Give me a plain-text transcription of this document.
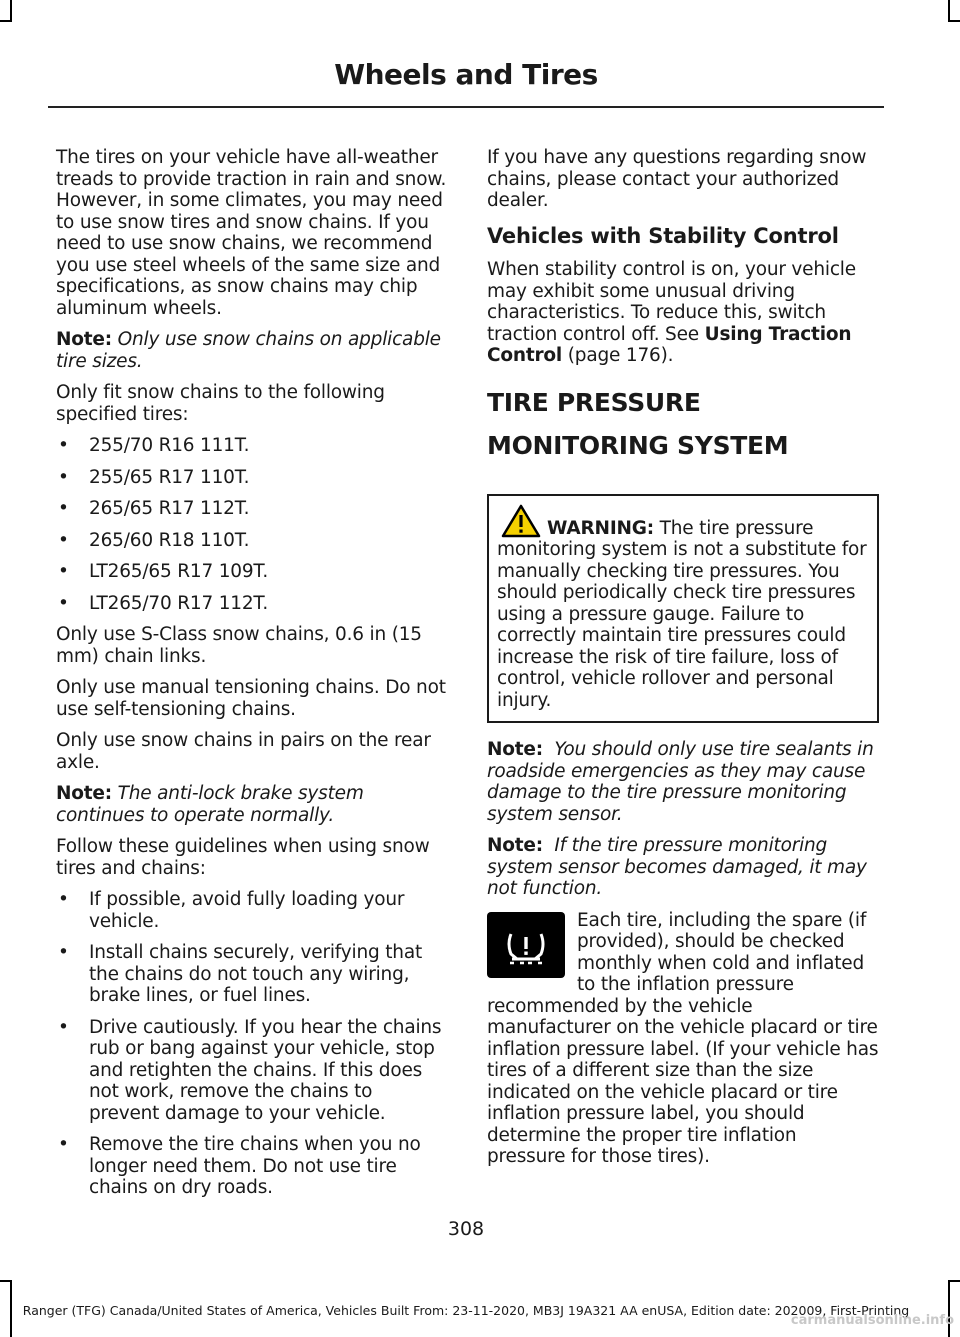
Wheels and Tires

The tires on your vehicle have all-weather treads to provide traction in rain and snow. However, in some climates, you may need to use snow tires and snow chains. If you need to use snow chains, we recommend you use steel wheels of the same size and specifications, as snow chains may chip aluminum wheels.

Note: Only use snow chains on applicable tire sizes.

Only fit snow chains to the following specified tires:

• 255/70 R16 111T.
• 255/65 R17 110T.
• 265/65 R17 112T.
• 265/60 R18 110T.
• LT265/65 R17 109T.
• LT265/70 R17 112T.

Only use S-Class snow chains, 0.6 in (15 mm) chain links.

Only use manual tensioning chains. Do not use self-tensioning chains.

Only use snow chains in pairs on the rear axle.

Note: The anti-lock brake system continues to operate normally.

Follow these guidelines when using snow tires and chains:

• If possible, avoid fully loading your vehicle.
• Install chains securely, verifying that the chains do not touch any wiring, brake lines, or fuel lines.
• Drive cautiously. If you hear the chains rub or bang against your vehicle, stop and retighten the chains. If this does not work, remove the chains to prevent damage to your vehicle.
• Remove the tire chains when you no longer need them. Do not use tire chains on dry roads.

If you have any questions regarding snow chains, please contact your authorized dealer.

Vehicles with Stability Control

When stability control is on, your vehicle may exhibit some unusual driving characteristics. To reduce this, switch traction control off. See Using Traction Control (page 176).

TIRE PRESSURE MONITORING SYSTEM
WARNING: The tire pressure monitoring system is not a substitute for manually checking tire pressures. You should periodically check tire pressures using a pressure gauge. Failure to correctly maintain tire pressures could increase the risk of tire failure, loss of control, vehicle rollover and personal injury.

Note: You should only use tire sealants in roadside emergencies as they may cause damage to the tire pressure monitoring system sensor.

Note: If the tire pressure monitoring system sensor becomes damaged, it may not function.

Each tire, including the spare (if provided), should be checked monthly when cold and inflated to the inflation pressure recommended by the vehicle manufacturer on the vehicle placard or tire inflation pressure label. (If your vehicle has tires of a different size than the size indicated on the vehicle placard or tire inflation pressure label, you should determine the proper tire inflation pressure for those tires).
308
Ranger (TFG) Canada/United States of America, Vehicles Built From: 23-11-2020, MB3J 19A321 AA enUSA, Edition date: 202009, First-Printing
carmanualsonline.info
